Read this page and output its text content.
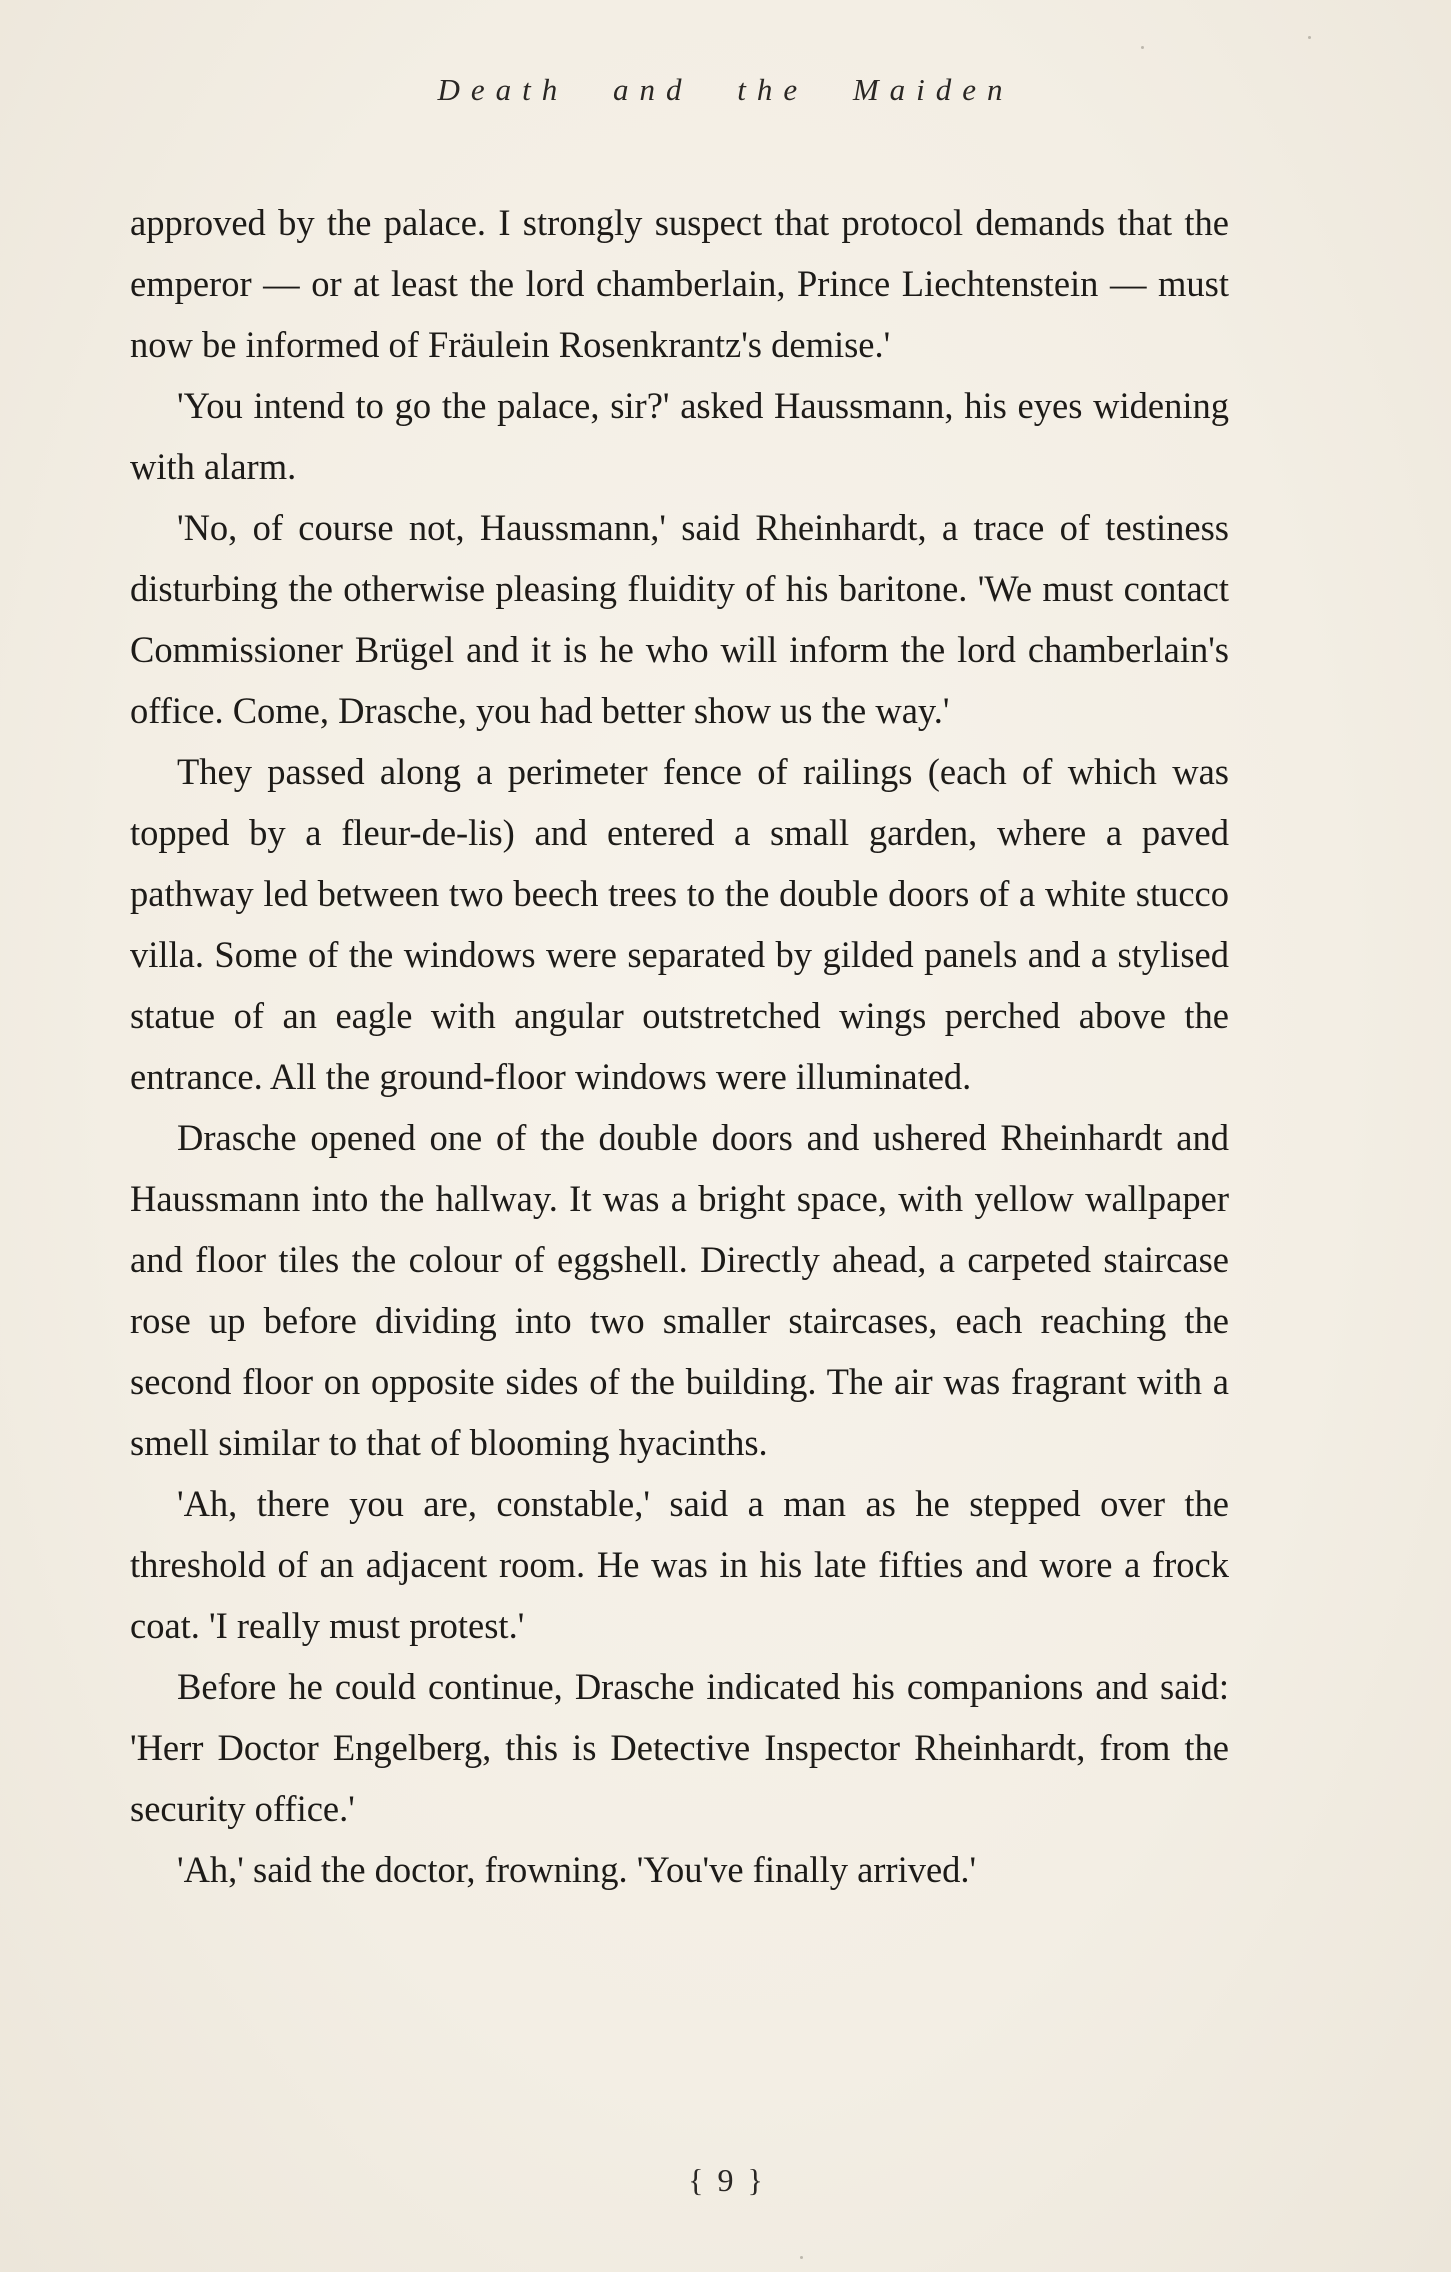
Death and the Maiden

approved by the palace. I strongly suspect that protocol demands that the emperor — or at least the lord chamberlain, Prince Liechtenstein — must now be informed of Fräulein Rosenkrantz's demise.'

'You intend to go the palace, sir?' asked Haussmann, his eyes widening with alarm.

'No, of course not, Haussmann,' said Rheinhardt, a trace of testiness disturbing the otherwise pleasing fluidity of his baritone. 'We must contact Commissioner Brügel and it is he who will inform the lord chamberlain's office. Come, Drasche, you had better show us the way.'

They passed along a perimeter fence of railings (each of which was topped by a fleur-de-lis) and entered a small garden, where a paved pathway led between two beech trees to the double doors of a white stucco villa. Some of the windows were separated by gilded panels and a stylised statue of an eagle with angular outstretched wings perched above the entrance. All the ground-floor windows were illuminated.

Drasche opened one of the double doors and ushered Rheinhardt and Haussmann into the hallway. It was a bright space, with yellow wallpaper and floor tiles the colour of eggshell. Directly ahead, a carpeted staircase rose up before dividing into two smaller staircases, each reaching the second floor on opposite sides of the building. The air was fragrant with a smell similar to that of blooming hyacinths.

'Ah, there you are, constable,' said a man as he stepped over the threshold of an adjacent room. He was in his late fifties and wore a frock coat. 'I really must protest.'

Before he could continue, Drasche indicated his companions and said: 'Herr Doctor Engelberg, this is Detective Inspector Rheinhardt, from the security office.'

'Ah,' said the doctor, frowning. 'You've finally arrived.'

{ 9 }
